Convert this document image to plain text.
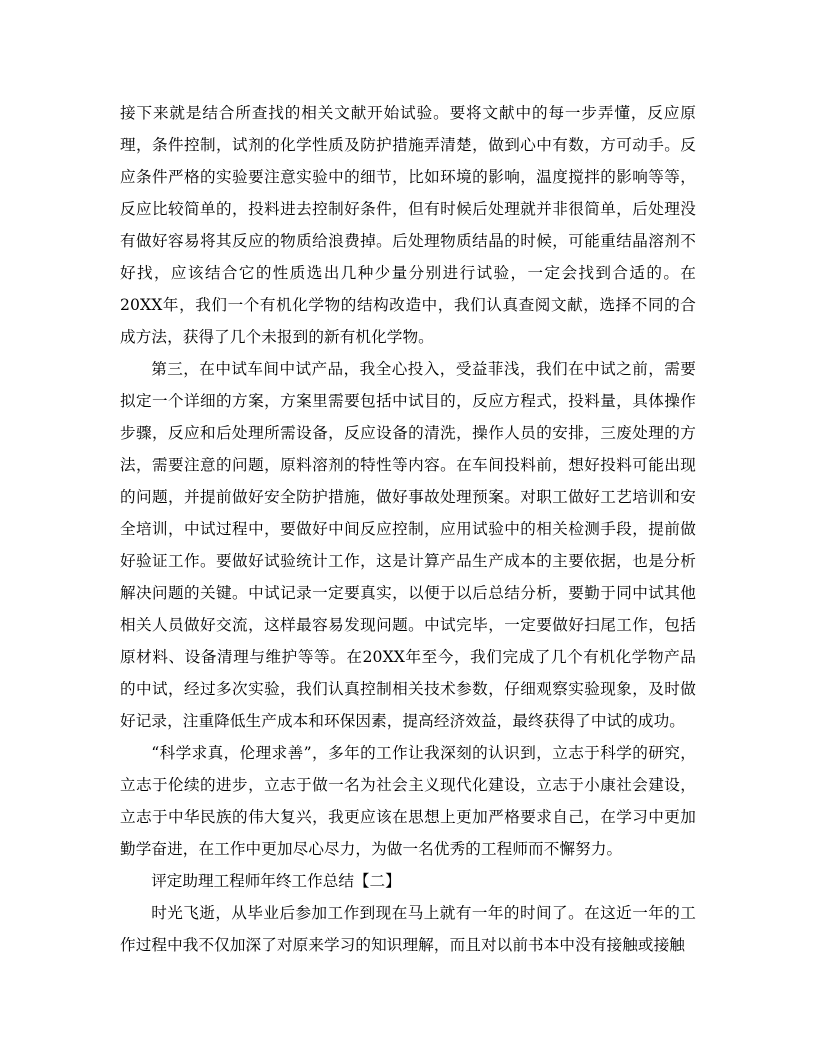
接下来就是结合所查找的相关文献开始试验。要将文献中的每一步弄懂，反应原理，条件控制，试剂的化学性质及防护措施弄清楚，做到心中有数，方可动手。反应条件严格的实验要注意实验中的细节，比如环境的影响，温度搅拌的影响等等，反应比较简单的，投料进去控制好条件，但有时候后处理就并非很简单，后处理没有做好容易将其反应的物质给浪费掉。后处理物质结晶的时候，可能重结晶溶剂不好找，应该结合它的性质选出几种少量分别进行试验，一定会找到合适的。在20XX年，我们一个有机化学物的结构改造中，我们认真查阅文献，选择不同的合成方法，获得了几个未报到的新有机化学物。

第三，在中试车间中试产品，我全心投入，受益菲浅，我们在中试之前，需要拟定一个详细的方案，方案里需要包括中试目的，反应方程式，投料量，具体操作步骤，反应和后处理所需设备，反应设备的清洗，操作人员的安排，三废处理的方法，需要注意的问题，原料溶剂的特性等内容。在车间投料前，想好投料可能出现的问题，并提前做好安全防护措施，做好事故处理预案。对职工做好工艺培训和安全培训，中试过程中，要做好中间反应控制，应用试验中的相关检测手段，提前做好验证工作。要做好试验统计工作，这是计算产品生产成本的主要依据，也是分析解决问题的关键。中试记录一定要真实，以便于以后总结分析，要勤于同中试其他相关人员做好交流，这样最容易发现问题。中试完毕，一定要做好扫尾工作，包括原材料、设备清理与维护等等。在20XX年至今，我们完成了几个有机化学物产品的中试，经过多次实验，我们认真控制相关技术参数，仔细观察实验现象，及时做好记录，注重降低生产成本和环保因素，提高经济效益，最终获得了中试的成功。

“科学求真，伦理求善”，多年的工作让我深刻的认识到，立志于科学的研究，立志于伦续的进步，立志于做一名为社会主义现代化建设，立志于小康社会建设，立志于中华民族的伟大复兴，我更应该在思想上更加严格要求自己，在学习中更加勤学奋进，在工作中更加尽心尽力，为做一名优秀的工程师而不懈努力。

评定助理工程师年终工作总结【二】

时光飞逝，从毕业后参加工作到现在马上就有一年的时间了。在这近一年的工作过程中我不仅加深了对原来学习的知识理解，而且对以前书本中没有接触或接触
